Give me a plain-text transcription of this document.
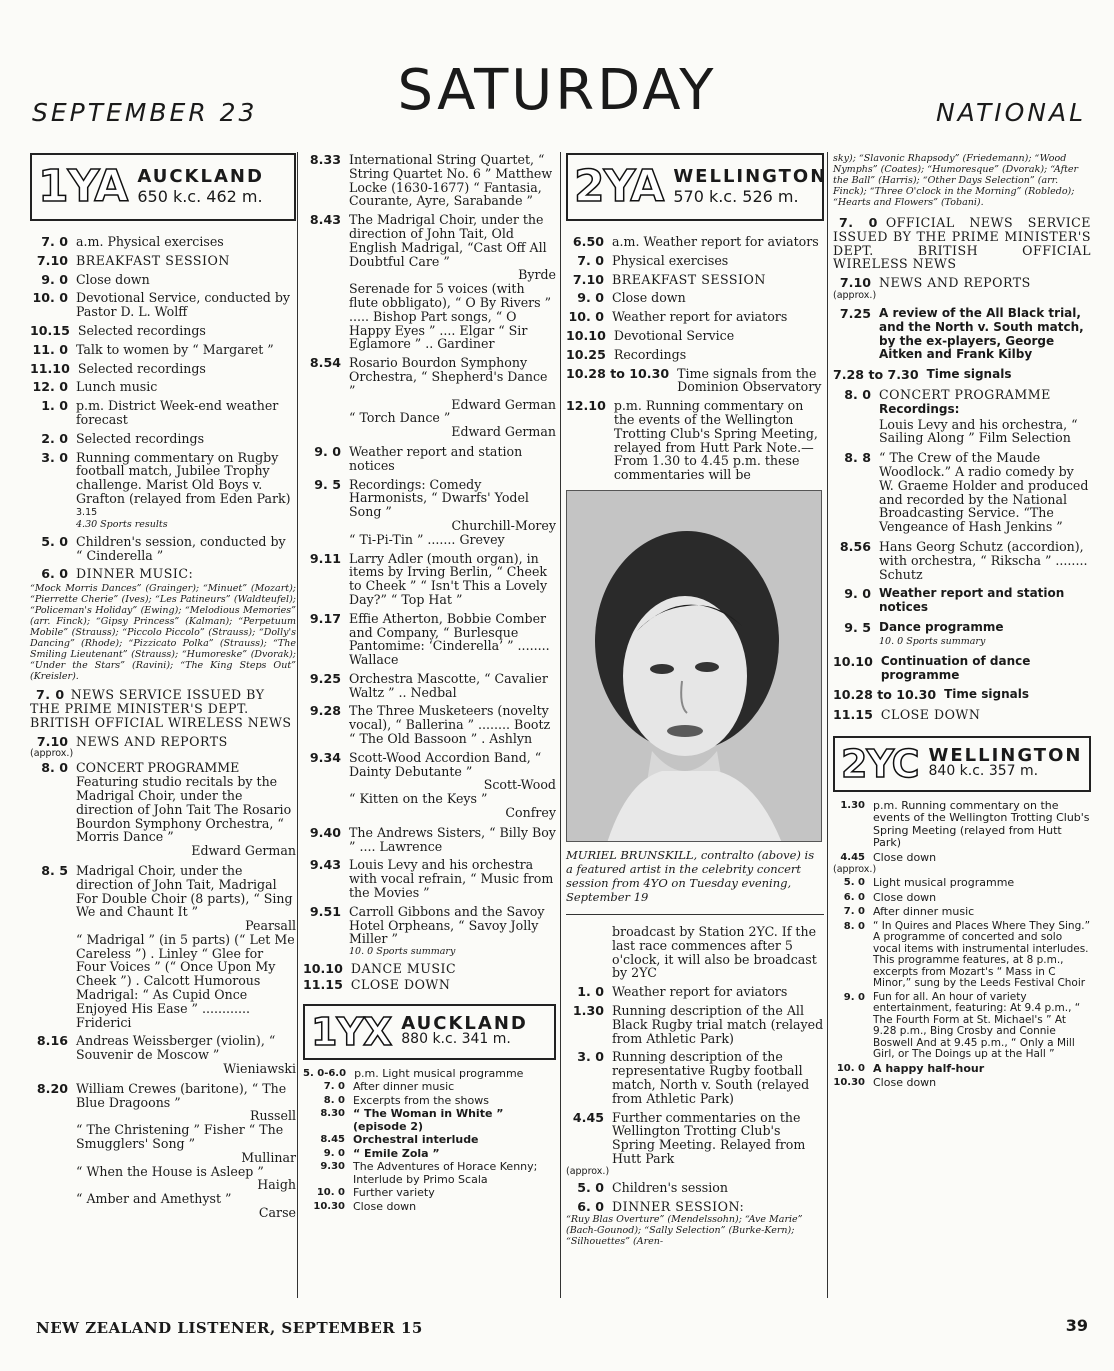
SEPTEMBER 23	SATURDAY	NATIONAL
1YA AUCKLAND
650 k.c. 462 m.
7. 0 a.m. Physical exercises
7.10 BREAKFAST SESSION
9. 0 Close down
10. 0 Devotional Service, conducted by Pastor D. L. Wolff
10.15 Selected recordings
11. 0 Talk to women by “ Margaret ”
11.10 Selected recordings
12. 0 Lunch music
1. 0 p.m. District Week-end weather forecast
2. 0 Selected recordings
3. 0 Running commentary on Rugby football match, Jubilee Trophy challenge. Marist Old Boys v. Grafton (relayed from Eden Park)
3.15
4.30 Sports results
5. 0 Children's session, conducted by “ Cinderella ”
6. 0 DINNER MUSIC:
“Mock Morris Dances” (Grainger); “Minuet” (Mozart); “Pierrette Cherie” (Ives); “Les Patineurs” (Waldteufel); “Policeman's Holiday” (Ewing); “Melodious Memories” (arr. Finck); “Gipsy Princess” (Kalman); “Perpetuum Mobile” (Strauss); “Piccolo Piccolo” (Strauss); “Dolly's Dancing” (Rhode); “Pizzicato Polka” (Strauss); “The Smiling Lieutenant” (Strauss); “Humoreske” (Dvorak); “Under the Stars” (Ravini); “The King Steps Out” (Kreisler).
7. 0 NEWS SERVICE ISSUED BY THE PRIME MINISTER'S DEPT. BRITISH OFFICIAL WIRELESS NEWS
7.10 NEWS AND REPORTS
(approx.)
8. 0 CONCERT PROGRAMME Featuring studio recitals by the Madrigal Choir, under the direction of John Tait The Rosario Bourdon Symphony Orchestra, “ Morris Dance ”
Edward German
8. 5 Madrigal Choir, under the direction of John Tait, Madrigal For Double Choir (8 parts), “ Sing We and Chaunt It ”
Pearsall
“ Madrigal ” (in 5 parts) (“ Let Me Careless ”) . Linley “ Glee for Four Voices ” (“ Once Upon My Cheek ”) . Calcott Humorous Madrigal: “ As Cupid Once Enjoyed His Ease ” ............ Friderici
8.16 Andreas Weissberger (violin), “ Souvenir de Moscow ”
Wieniawski
8.20 William Crewes (baritone), “ The Blue Dragoons ”
Russell
“ The Christening ” Fisher “ The Smugglers' Song ”
Mullinar
“ When the House is Asleep ”
Haigh
“ Amber and Amethyst ”
Carse
8.33 International String Quartet, “ String Quartet No. 6 ” Matthew Locke (1630-1677) “ Fantasia, Courante, Ayre, Sarabande ”
8.43 The Madrigal Choir, under the direction of John Tait, Old English Madrigal, “Cast Off All Doubtful Care ”
Byrde
Serenade for 5 voices (with flute obbligato), “ O By Rivers ” ..... Bishop Part songs, “ O Happy Eyes ” .... Elgar “ Sir Eglamore ” .. Gardiner
8.54 Rosario Bourdon Symphony Orchestra, “ Shepherd's Dance ”
Edward German
“ Torch Dance ”
Edward German
9. 0 Weather report and station notices
9. 5 Recordings: Comedy Harmonists, “ Dwarfs' Yodel Song ”
Churchill-Morey
“ Ti-Pi-Tin ” ....... Grevey
9.11 Larry Adler (mouth organ), in items by Irving Berlin, “ Cheek to Cheek ” “ Isn't This a Lovely Day?” “ Top Hat ”
9.17 Effie Atherton, Bobbie Comber and Company, “ Burlesque Pantomime: ‘Cinderella’ ” ........ Wallace
9.25 Orchestra Mascotte, “ Cavalier Waltz ” .. Nedbal
9.28 The Three Musketeers (novelty vocal), “ Ballerina ” ........ Bootz “ The Old Bassoon ” . Ashlyn
9.34 Scott-Wood Accordion Band, “ Dainty Debutante ”
Scott-Wood
“ Kitten on the Keys ”
Confrey
9.40 The Andrews Sisters, “ Billy Boy ” .... Lawrence
9.43 Louis Levy and his orchestra with vocal refrain, “ Music from the Movies ”
9.51 Carroll Gibbons and the Savoy Hotel Orpheans, “ Savoy Jolly Miller ”
10. 0 Sports summary
10.10 DANCE MUSIC
11.15 CLOSE DOWN
1YX AUCKLAND
880 k.c. 341 m.
5. 0-6.0 p.m. Light musical programme
7. 0 After dinner music
8. 0 Excerpts from the shows
8.30 “ The Woman in White ” (episode 2)
8.45 Orchestral interlude
9. 0 “ Emile Zola ”
9.30 The Adventures of Horace Kenny; Interlude by Primo Scala
10. 0 Further variety
10.30 Close down
2YA WELLINGTON
570 k.c. 526 m.
6.50 a.m. Weather report for aviators
7. 0 Physical exercises
7.10 BREAKFAST SESSION
9. 0 Close down
10. 0 Weather report for aviators
10.10 Devotional Service
10.25 Recordings
10.28 to 10.30 Time signals from the Dominion Observatory
12.10 p.m. Running commentary on the events of the Wellington Trotting Club's Spring Meeting, relayed from Hutt Park Note.—From 1.30 to 4.45 p.m. these commentaries will be
MURIEL BRUNSKILL, contralto (above) is a featured artist in the celebrity concert session from 4YO on Tuesday evening, September 19
broadcast by Station 2YC. If the last race commences after 5 o'clock, it will also be broadcast by 2YC
1. 0 Weather report for aviators
1.30 Running description of the All Black Rugby trial match (relayed from Athletic Park)
3. 0 Running description of the representative Rugby football match, North v. South (relayed from Athletic Park)
4.45 Further commentaries on the Wellington Trotting Club's Spring Meeting. Relayed from Hutt Park
(approx.)
5. 0 Children's session
6. 0 DINNER SESSION:
“Ruy Blas Overture” (Mendelssohn); “Ave Marie” (Bach-Gounod); “Sally Selection” (Burke-Kern); “Silhouettes” (Aren-
sky); “Slavonic Rhapsody” (Friedemann); “Wood Nymphs” (Coates); “Humoresque” (Dvorak); “After the Ball” (Harris); “Other Days Selection” (arr. Finck); “Three O'clock in the Morning” (Robledo); “Hearts and Flowers” (Tobani).
7. 0 OFFICIAL NEWS SERVICE ISSUED BY THE PRIME MINISTER'S DEPT. BRITISH OFFICIAL WIRELESS NEWS
7.10 NEWS AND REPORTS
(approx.)
7.25 A review of the All Black trial, and the North v. South match, by the ex-players, George Aitken and Frank Kilby
7.28 to 7.30 Time signals
8. 0 CONCERT PROGRAMME
Recordings:
Louis Levy and his orchestra, “ Sailing Along ” Film Selection
8. 8 “ The Crew of the Maude Woodlock.” A radio comedy by W. Graeme Holder and produced and recorded by the National Broadcasting Service. “The Vengeance of Hash Jenkins ”
8.56 Hans Georg Schutz (accordion), with orchestra, “ Rikscha ” ........ Schutz
9. 0 Weather report and station notices
9. 5 Dance programme
10. 0 Sports summary
10.10 Continuation of dance programme
10.28 to 10.30 Time signals
11.15 CLOSE DOWN
2YC WELLINGTON
840 k.c. 357 m.
1.30 p.m. Running commentary on the events of the Wellington Trotting Club's Spring Meeting (relayed from Hutt Park)
4.45 Close down
(approx.)
5. 0 Light musical programme
6. 0 Close down
7. 0 After dinner music
8. 0 “ In Quires and Places Where They Sing.” A programme of concerted and solo vocal items with instrumental interludes. This programme features, at 8 p.m., excerpts from Mozart's “ Mass in C Minor,” sung by the Leeds Festival Choir
9. 0 Fun for all. An hour of variety entertainment, featuring: At 9.4 p.m., “ The Fourth Form at St. Michael's ” At 9.28 p.m., Bing Crosby and Connie Boswell And at 9.45 p.m., “ Only a Mill Girl, or The Doings up at the Hall ”
10. 0 A happy half-hour
10.30 Close down
NEW ZEALAND LISTENER, SEPTEMBER 15	39
